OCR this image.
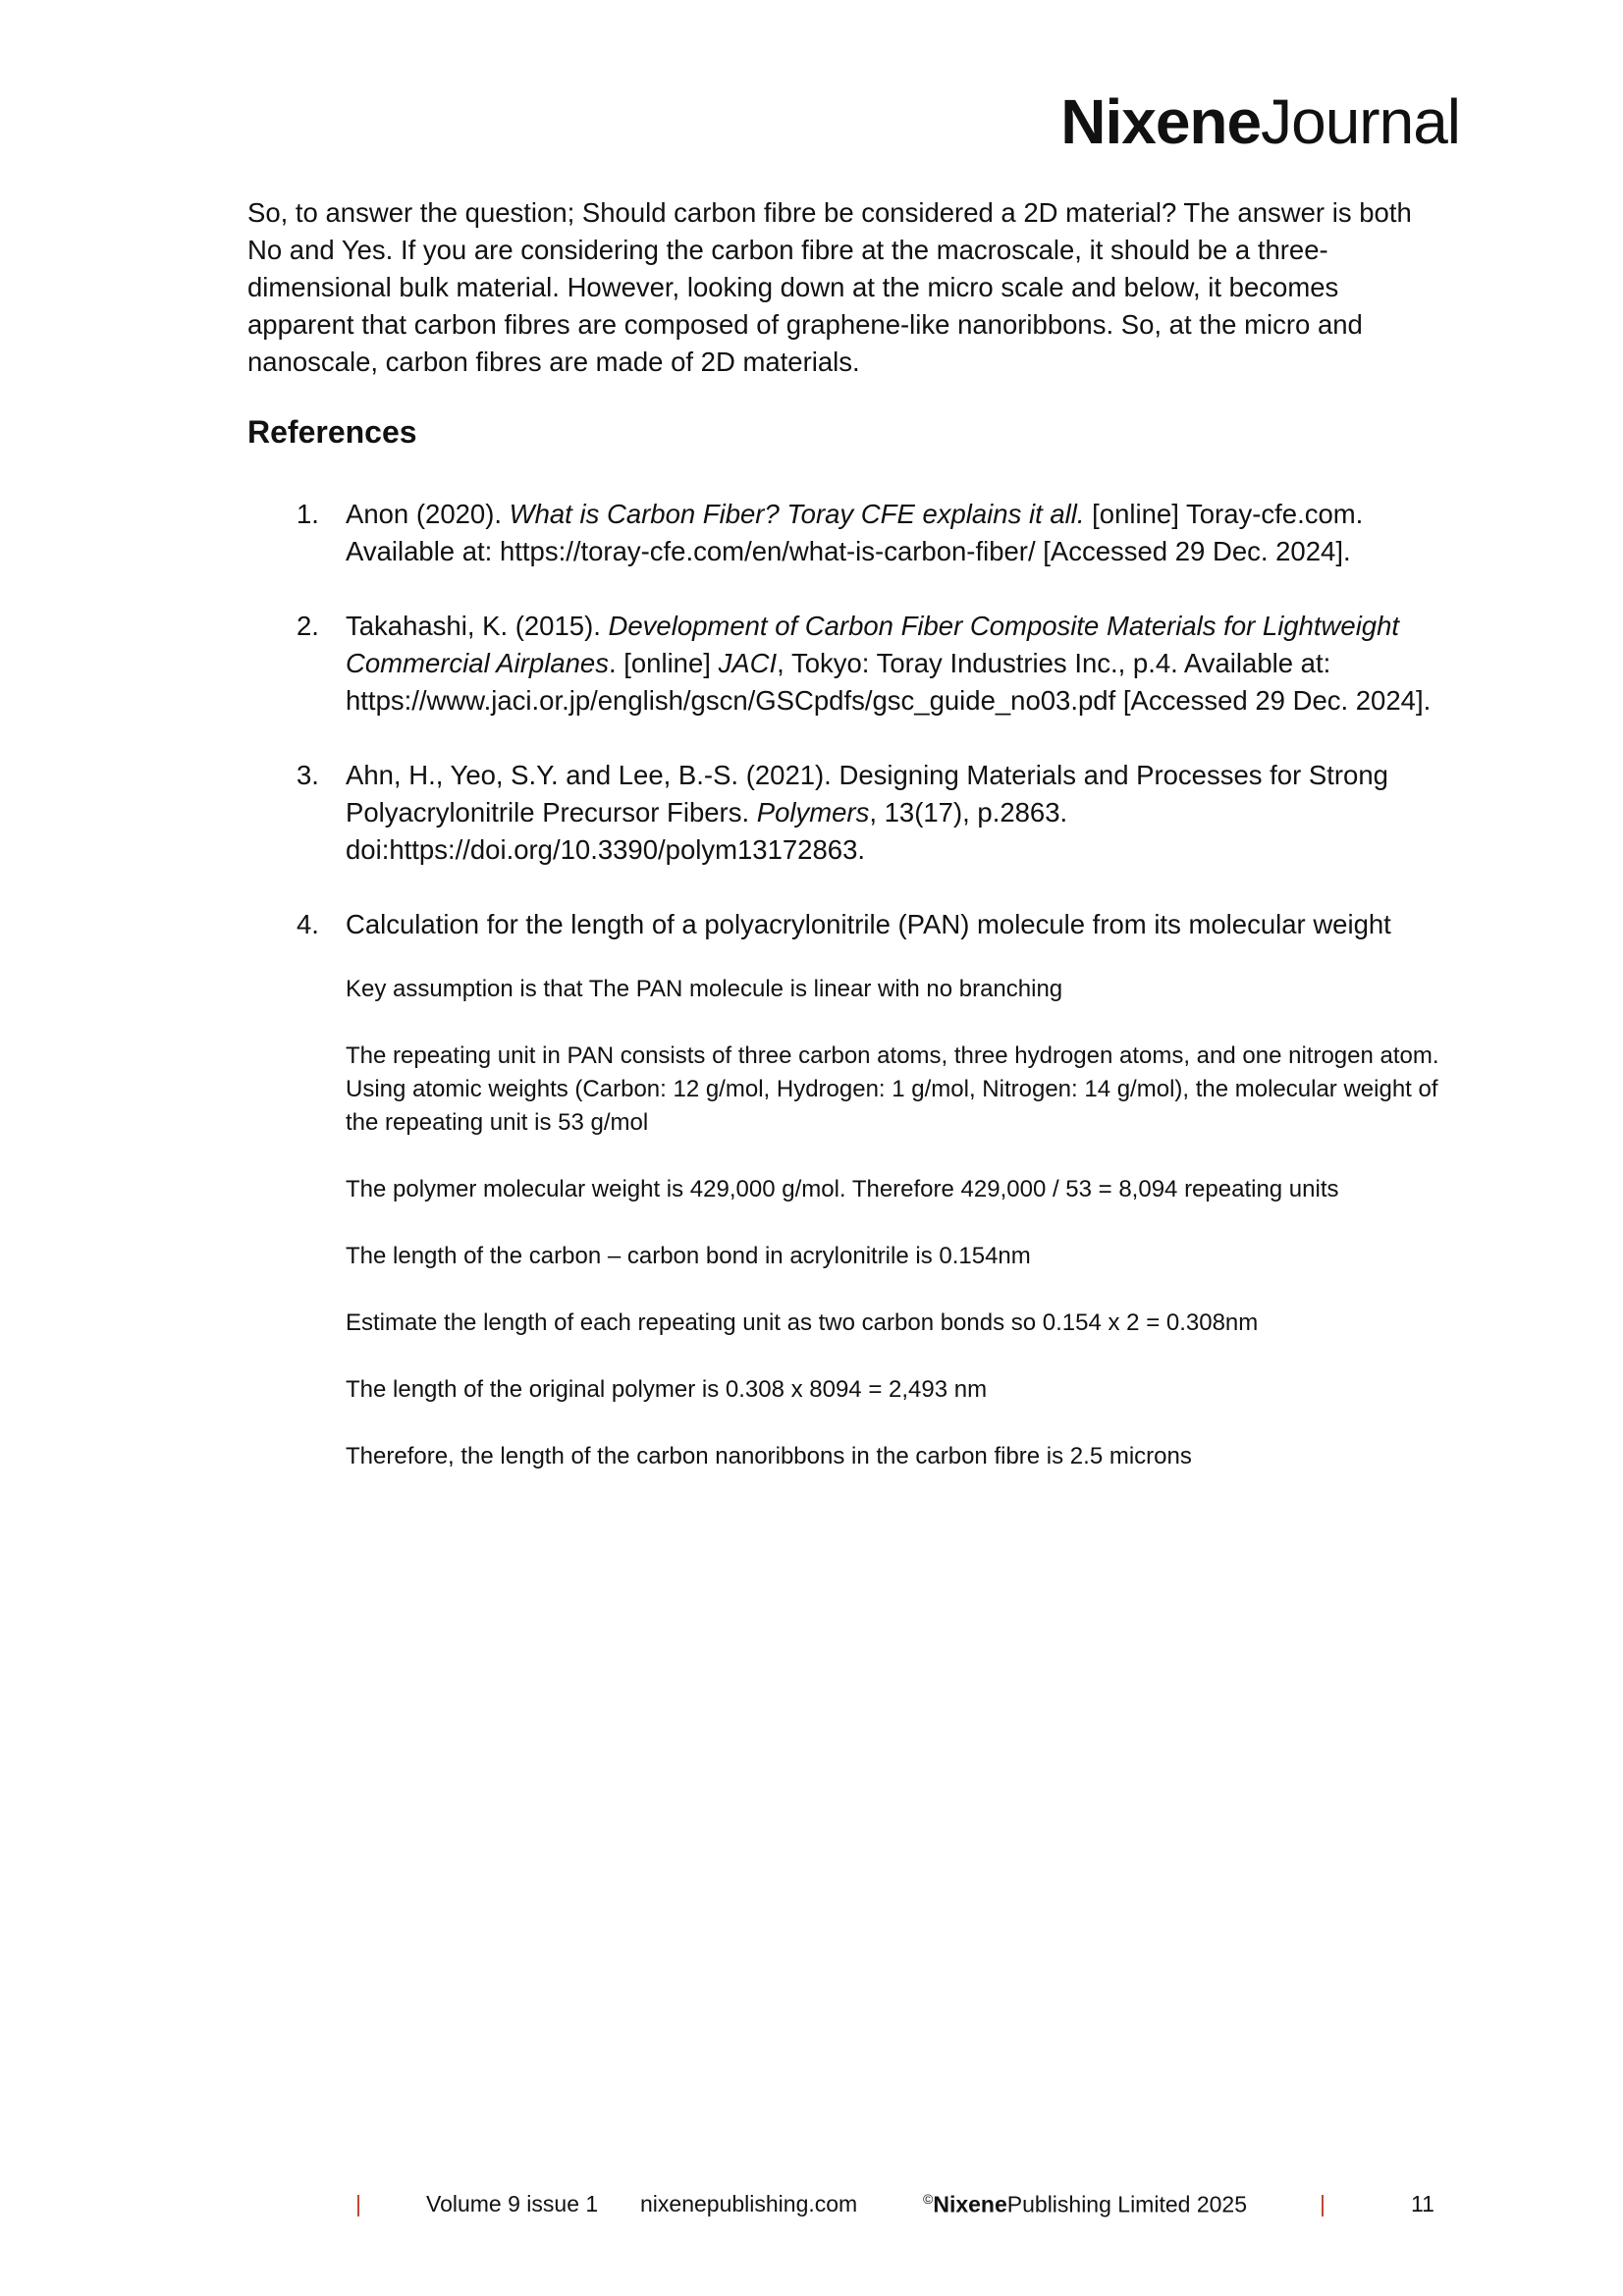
NixeneJournal

So, to answer the question; Should carbon fibre be considered a 2D material? The answer is both No and Yes. If you are considering the carbon fibre at the macroscale, it should be a three-dimensional bulk material. However, looking down at the micro scale and below, it becomes apparent that carbon fibres are composed of graphene-like nanoribbons. So, at the micro and nanoscale, carbon fibres are made of 2D materials.

References
1. Anon (2020). What is Carbon Fiber? Toray CFE explains it all. [online] Toray-cfe.com. Available at: https://toray-cfe.com/en/what-is-carbon-fiber/ [Accessed 29 Dec. 2024].
2. Takahashi, K. (2015). Development of Carbon Fiber Composite Materials for Lightweight Commercial Airplanes. [online] JACI, Tokyo: Toray Industries Inc., p.4. Available at: https://www.jaci.or.jp/english/gscn/GSCpdfs/gsc_guide_no03.pdf [Accessed 29 Dec. 2024].
3. Ahn, H., Yeo, S.Y. and Lee, B.-S. (2021). Designing Materials and Processes for Strong Polyacrylonitrile Precursor Fibers. Polymers, 13(17), p.2863. doi:https://doi.org/10.3390/polym13172863.
4. Calculation for the length of a polyacrylonitrile (PAN) molecule from its molecular weight

Key assumption is that The PAN molecule is linear with no branching

The repeating unit in PAN consists of three carbon atoms, three hydrogen atoms, and one nitrogen atom. Using atomic weights (Carbon: 12 g/mol, Hydrogen: 1 g/mol, Nitrogen: 14 g/mol), the molecular weight of the repeating unit is 53 g/mol

The polymer molecular weight is 429,000 g/mol. Therefore 429,000 / 53 = 8,094 repeating units

The length of the carbon – carbon bond in acrylonitrile is 0.154nm

Estimate the length of each repeating unit as two carbon bonds so 0.154 x 2 = 0.308nm

The length of the original polymer is 0.308 x 8094 = 2,493 nm

Therefore, the length of the carbon nanoribbons in the carbon fibre is 2.5 microns

|	Volume 9 issue 1 nixenepublishing.com	©NixenePublishing Limited 2025	|	11
